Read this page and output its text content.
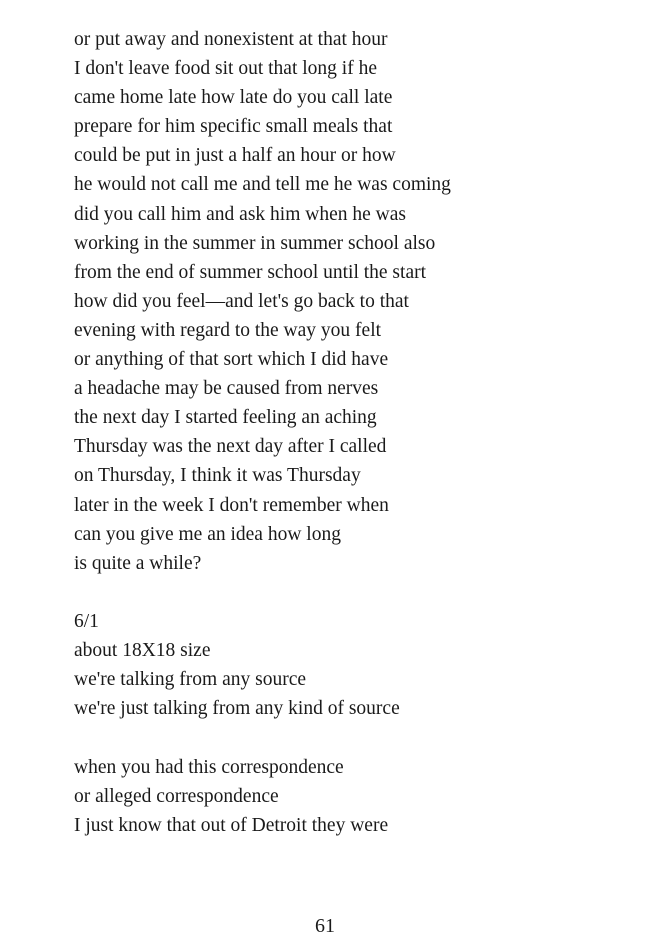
or put away and nonexistent at that hour
I don't leave food sit out that long if he
came home late how late do you call late
prepare for him specific small meals that
could be put in just a half an hour or how
he would not call me and tell me he was coming
did you call him and ask him when he was
working in the summer in summer school also
from the end of summer school until the start
how did you feel—and let's go back to that
evening with regard to the way you felt
or anything of that sort which I did have
a headache may be caused from nerves
the next day I started feeling an aching
Thursday was the next day after I called
on Thursday, I think it was Thursday
later in the week I don't remember when
can you give me an idea how long
is quite a while?
6/1
about 18X18 size
we're talking from any source
we're just talking from any kind of source
when you had this correspondence
or alleged correspondence
I just know that out of Detroit they were
61
